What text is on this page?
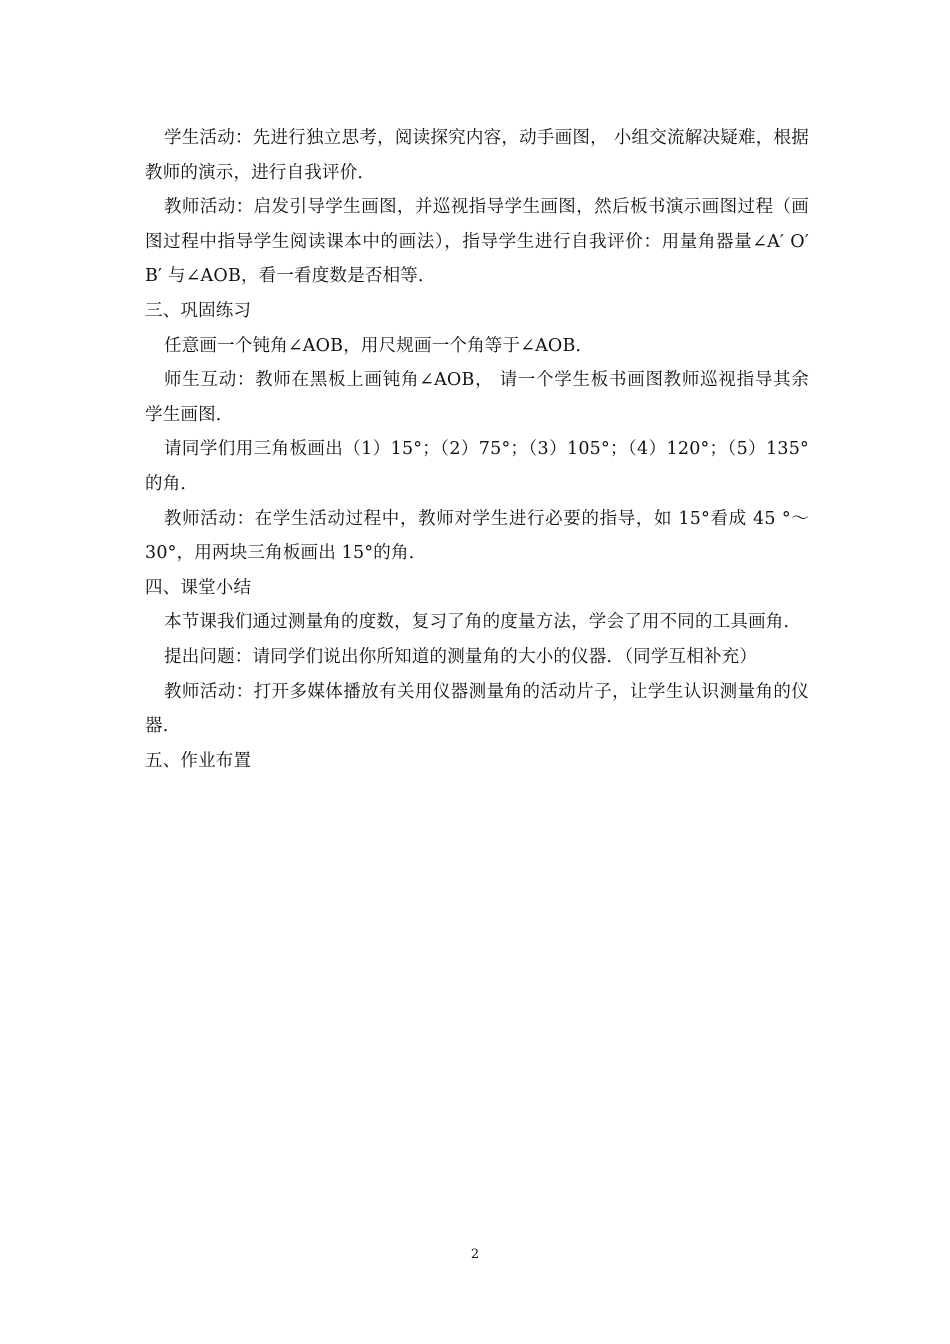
学生活动：先进行独立思考，阅读探究内容，动手画图， 小组交流解决疑难，根据教师的演示，进行自我评价．

教师活动：启发引导学生画图，并巡视指导学生画图，然后板书演示画图过程（画图过程中指导学生阅读课本中的画法），指导学生进行自我评价：用量角器量∠A′ O′ B′ 与∠AOB，看一看度数是否相等．

三、巩固练习

任意画一个钝角∠AOB，用尺规画一个角等于∠AOB．

师生互动：教师在黑板上画钝角∠AOB， 请一个学生板书画图教师巡视指导其余学生画图．

请同学们用三角板画出（1）15°；（2）75°；（3）105°；（4）120°；（5）135°的角．

教师活动：在学生活动过程中，教师对学生进行必要的指导，如 15°看成 45 °～30°，用两块三角板画出 15°的角．

四、课堂小结

本节课我们通过测量角的度数，复习了角的度量方法，学会了用不同的工具画角．

提出问题：请同学们说出你所知道的测量角的大小的仪器．（同学互相补充）

教师活动：打开多媒体播放有关用仪器测量角的活动片子，让学生认识测量角的仪器．

五、作业布置

2
